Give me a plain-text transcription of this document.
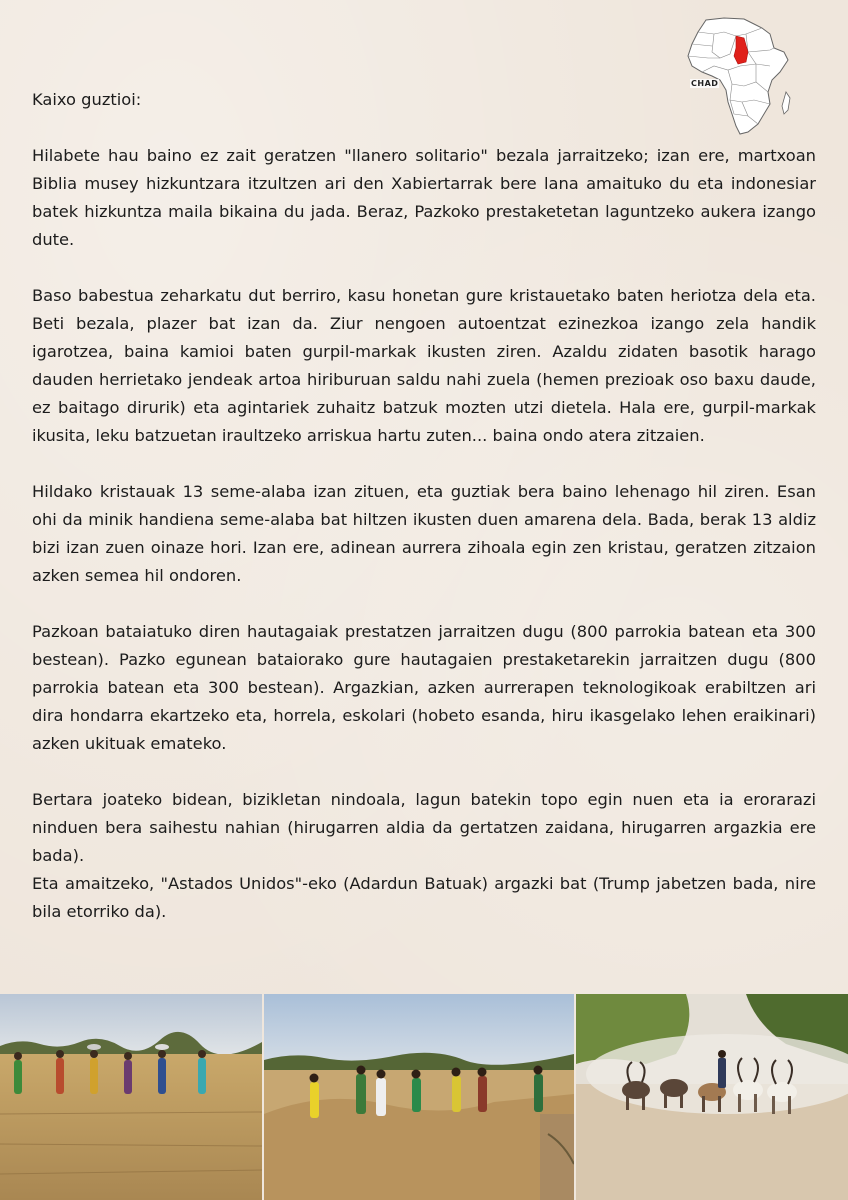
CHAD

Kaixo guztioi:

Hilabete hau baino ez zait geratzen "llanero solitario" bezala jarraitzeko; izan ere, martxoan Biblia musey hizkuntzara itzultzen ari den Xabiertarrak bere lana amaituko du eta indonesiar batek hizkuntza maila bikaina du jada. Beraz, Pazkoko prestaketetan laguntzeko aukera izango dute.

Baso babestua zeharkatu dut berriro, kasu honetan gure kristauetako baten heriotza dela eta. Beti bezala, plazer bat izan da. Ziur nengoen autoentzat ezinezkoa izango zela handik igarotzea, baina kamioi baten gurpil-markak ikusten ziren. Azaldu zidaten basotik harago dauden herrietako jendeak artoa hiriburuan saldu nahi zuela (hemen prezioak oso baxu daude, ez baitago dirurik) eta agintariek zuhaitz batzuk mozten utzi dietela. Hala ere, gurpil-markak ikusita, leku batzuetan iraultzeko arriskua hartu zuten... baina ondo atera zitzaien.

Hildako kristauak 13 seme-alaba izan zituen, eta guztiak bera baino lehenago hil ziren. Esan ohi da minik handiena seme-alaba bat hiltzen ikusten duen amarena dela. Bada, berak 13 aldiz bizi izan zuen oinaze hori. Izan ere, adinean aurrera zihoala egin zen kristau, geratzen zitzaion azken semea hil ondoren.

Pazkoan bataiatuko diren hautagaiak prestatzen jarraitzen dugu (800 parrokia batean eta 300 bestean). Pazko egunean bataiorako gure hautagaien prestaketarekin jarraitzen dugu (800 parrokia batean eta 300 bestean). Argazkian, azken aurrerapen teknologikoak erabiltzen ari dira hondarra ekartzeko eta, horrela, eskolari (hobeto esanda, hiru ikasgelako lehen eraikinari) azken ukituak emateko.

Bertara joateko bidean, bizikletan nindoala, lagun batekin topo egin nuen eta ia erorarazi ninduen bera saihestu nahian (hirugarren aldia da gertatzen zaidana, hirugarren argazkia ere bada).

Eta amaitzeko, "Astados Unidos"-eko (Adardun Batuak) argazki bat (Trump jabetzen bada, nire bila etorriko da).
